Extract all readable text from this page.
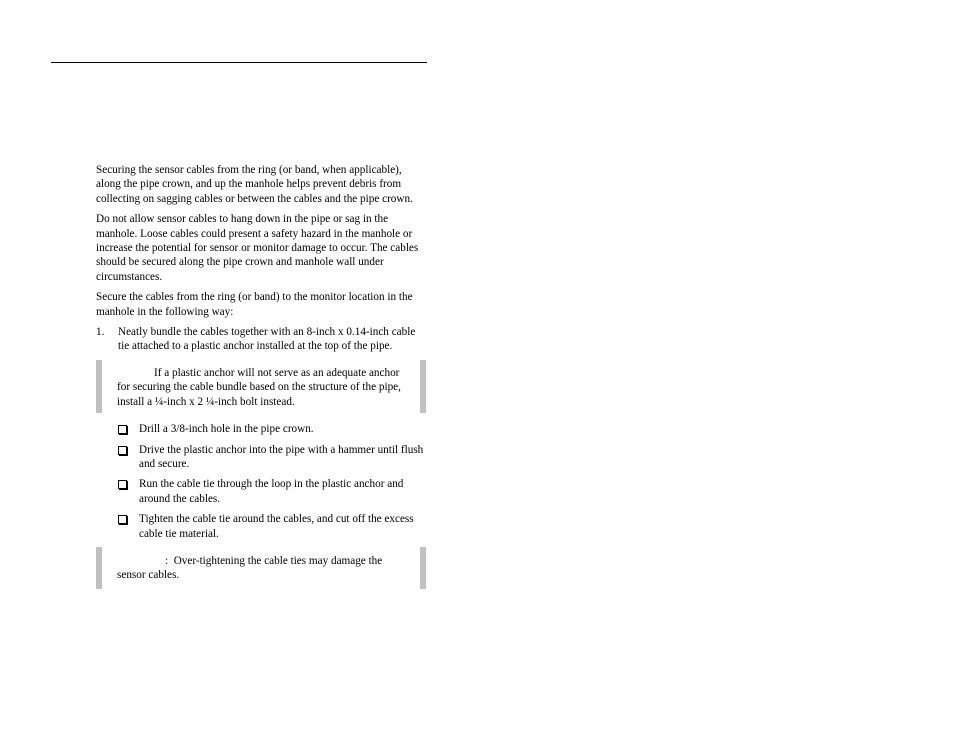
Securing the sensor cables from the ring (or band, when applicable), along the pipe crown, and up the manhole helps prevent debris from collecting on sagging cables or between the cables and the pipe crown.

Do not allow sensor cables to hang down in the pipe or sag in the manhole. Loose cables could present a safety hazard in the manhole or increase the potential for sensor or monitor damage to occur. The cables should be secured along the pipe crown and manhole wall undercircumstances.

Secure the cables from the ring (or band) to the monitor location in the manhole in the following way:

1.	Neatly bundle the cables together with an 8-inch x 0.14-inch cable tie attached to a plastic anchor installed at the top of the pipe.
If a plastic anchor will not serve as an adequate anchor for securing the cable bundle based on the structure of the pipe, install a ¼-inch x 2 ¼-inch bolt instead.
Drill a 3/8-inch hole in the pipe crown.
Drive the plastic anchor into the pipe with a hammer until flush and secure.
Run the cable tie through the loop in the plastic anchor and around the cables.
Tighten the cable tie around the cables, and cut off the excess cable tie material.
: Over-tightening the cable ties may damage the sensor cables.
